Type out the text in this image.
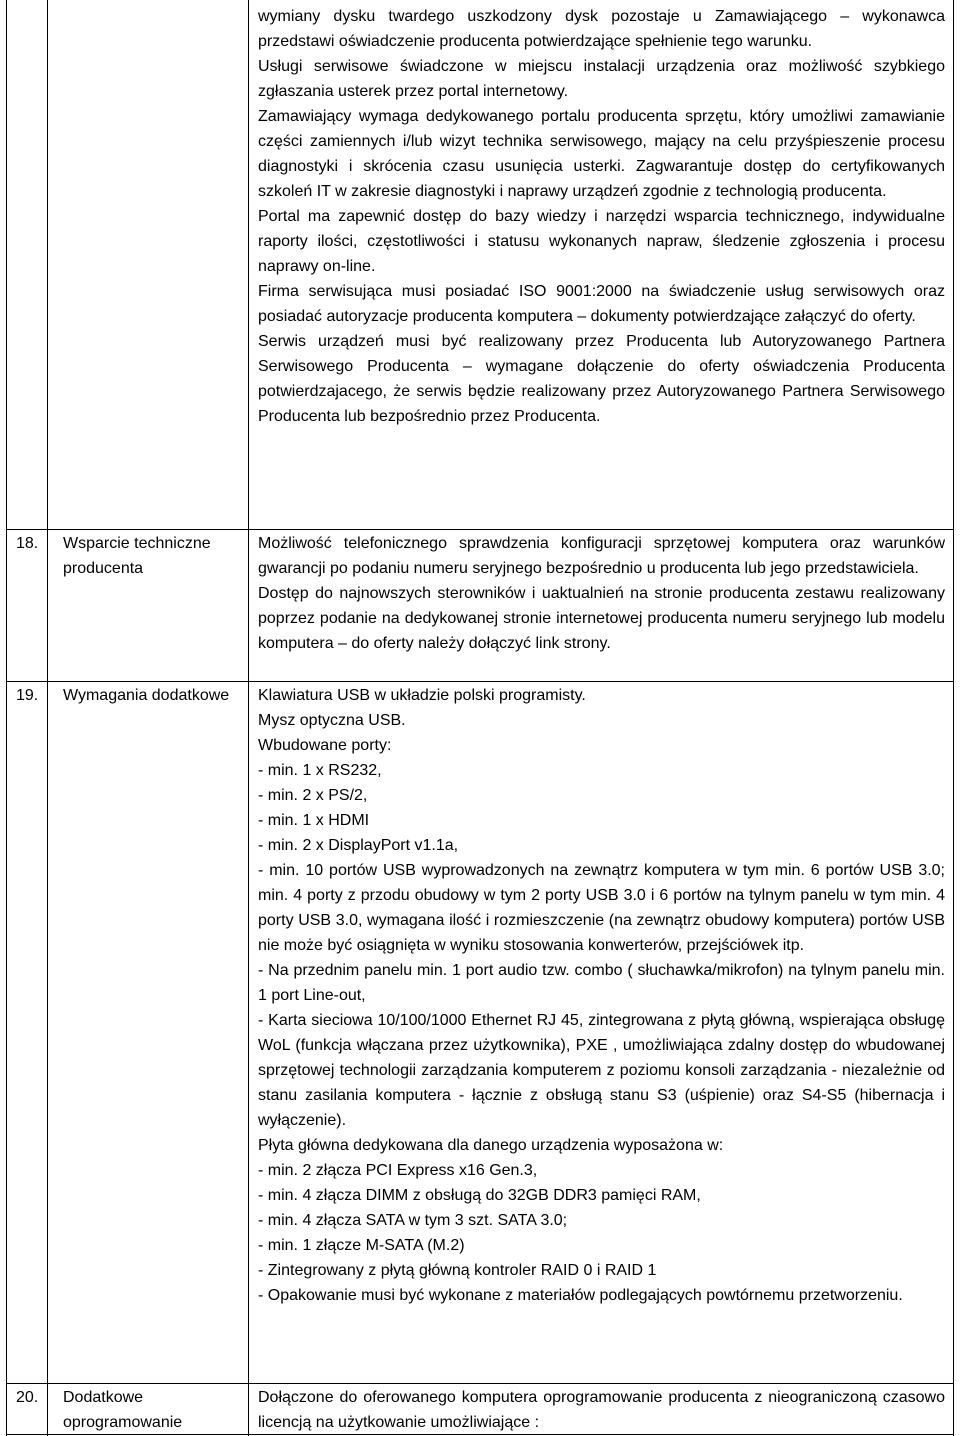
wymiany dysku twardego uszkodzony dysk pozostaje u Zamawiającego – wykonawca przedstawi oświadczenie producenta potwierdzające spełnienie tego warunku.

Usługi serwisowe świadczone w miejscu instalacji urządzenia oraz możliwość szybkiego zgłaszania usterek przez portal internetowy.

Zamawiający wymaga dedykowanego portalu producenta sprzętu, który umożliwi zamawianie części zamiennych i/lub wizyt technika serwisowego, mający na celu przyśpieszenie procesu diagnostyki i skrócenia czasu usunięcia usterki. Zagwarantuje dostęp do certyfikowanych szkoleń IT w zakresie diagnostyki i naprawy urządzeń zgodnie z technologią producenta.

Portal ma zapewnić dostęp do bazy wiedzy i narzędzi wsparcia technicznego, indywidualne raporty ilości, częstotliwości i statusu wykonanych napraw, śledzenie zgłoszenia i procesu naprawy on-line.

Firma serwisująca musi posiadać ISO 9001:2000 na świadczenie usług serwisowych oraz posiadać autoryzacje producenta komputera – dokumenty potwierdzające załączyć do oferty.

Serwis urządzeń musi być realizowany przez Producenta lub Autoryzowanego Partnera Serwisowego Producenta – wymagane dołączenie do oferty oświadczenia Producenta potwierdzajacego, że serwis będzie realizowany przez Autoryzowanego Partnera Serwisowego Producenta lub bezpośrednio przez Producenta.

18. Wsparcie techniczne producenta

Możliwość telefonicznego sprawdzenia konfiguracji sprzętowej komputera oraz warunków gwarancji po podaniu numeru seryjnego bezpośrednio u producenta lub jego przedstawiciela.

Dostęp do najnowszych sterowników i uaktualnień na stronie producenta zestawu realizowany poprzez podanie na dedykowanej stronie internetowej producenta numeru seryjnego lub modelu komputera – do oferty należy dołączyć link strony.

19. Wymagania dodatkowe	Klawiatura USB w układzie polski programisty.

Mysz optyczna USB.

Wbudowane porty:

- min. 1 x RS232,

- min. 2 x PS/2,

- min. 1 x HDMI

- min. 2 x DisplayPort v1.1a,

- min. 10 portów USB wyprowadzonych na zewnątrz komputera w tym min. 6 portów USB 3.0; min. 4 porty z przodu obudowy w tym 2 porty USB 3.0 i 6 portów na tylnym panelu w tym min. 4 porty USB 3.0, wymagana ilość i rozmieszczenie (na zewnątrz obudowy komputera) portów USB nie może być osiągnięta w wyniku stosowania konwerterów, przejściówek itp.

- Na przednim panelu min. 1 port audio tzw. combo ( słuchawka/mikrofon) na tylnym panelu min. 1 port Line-out,

- Karta sieciowa 10/100/1000 Ethernet RJ 45, zintegrowana z płytą główną, wspierająca obsługę WoL (funkcja włączana przez użytkownika), PXE , umożliwiająca zdalny dostęp do wbudowanej sprzętowej technologii zarządzania komputerem z poziomu konsoli zarządzania - niezależnie od stanu zasilania komputera - łącznie z obsługą stanu S3 (uśpienie) oraz S4-S5 (hibernacja i wyłączenie).

Płyta główna dedykowana dla danego urządzenia wyposażona w:

- min. 2 złącza PCI Express x16 Gen.3,

- min. 4 złącza DIMM z obsługą do 32GB DDR3 pamięci RAM,

- min. 4 złącza SATA w tym 3 szt. SATA 3.0;

- min. 1 złącze M-SATA (M.2)

- Zintegrowany z płytą główną kontroler RAID 0 i RAID 1

- Opakowanie musi być wykonane z materiałów podlegających powtórnemu przetworzeniu.

20. Dodatkowe oprogramowanie

Dołączone do oferowanego komputera oprogramowanie producenta z nieograniczoną czasowo licencją na użytkowanie umożliwiające :
